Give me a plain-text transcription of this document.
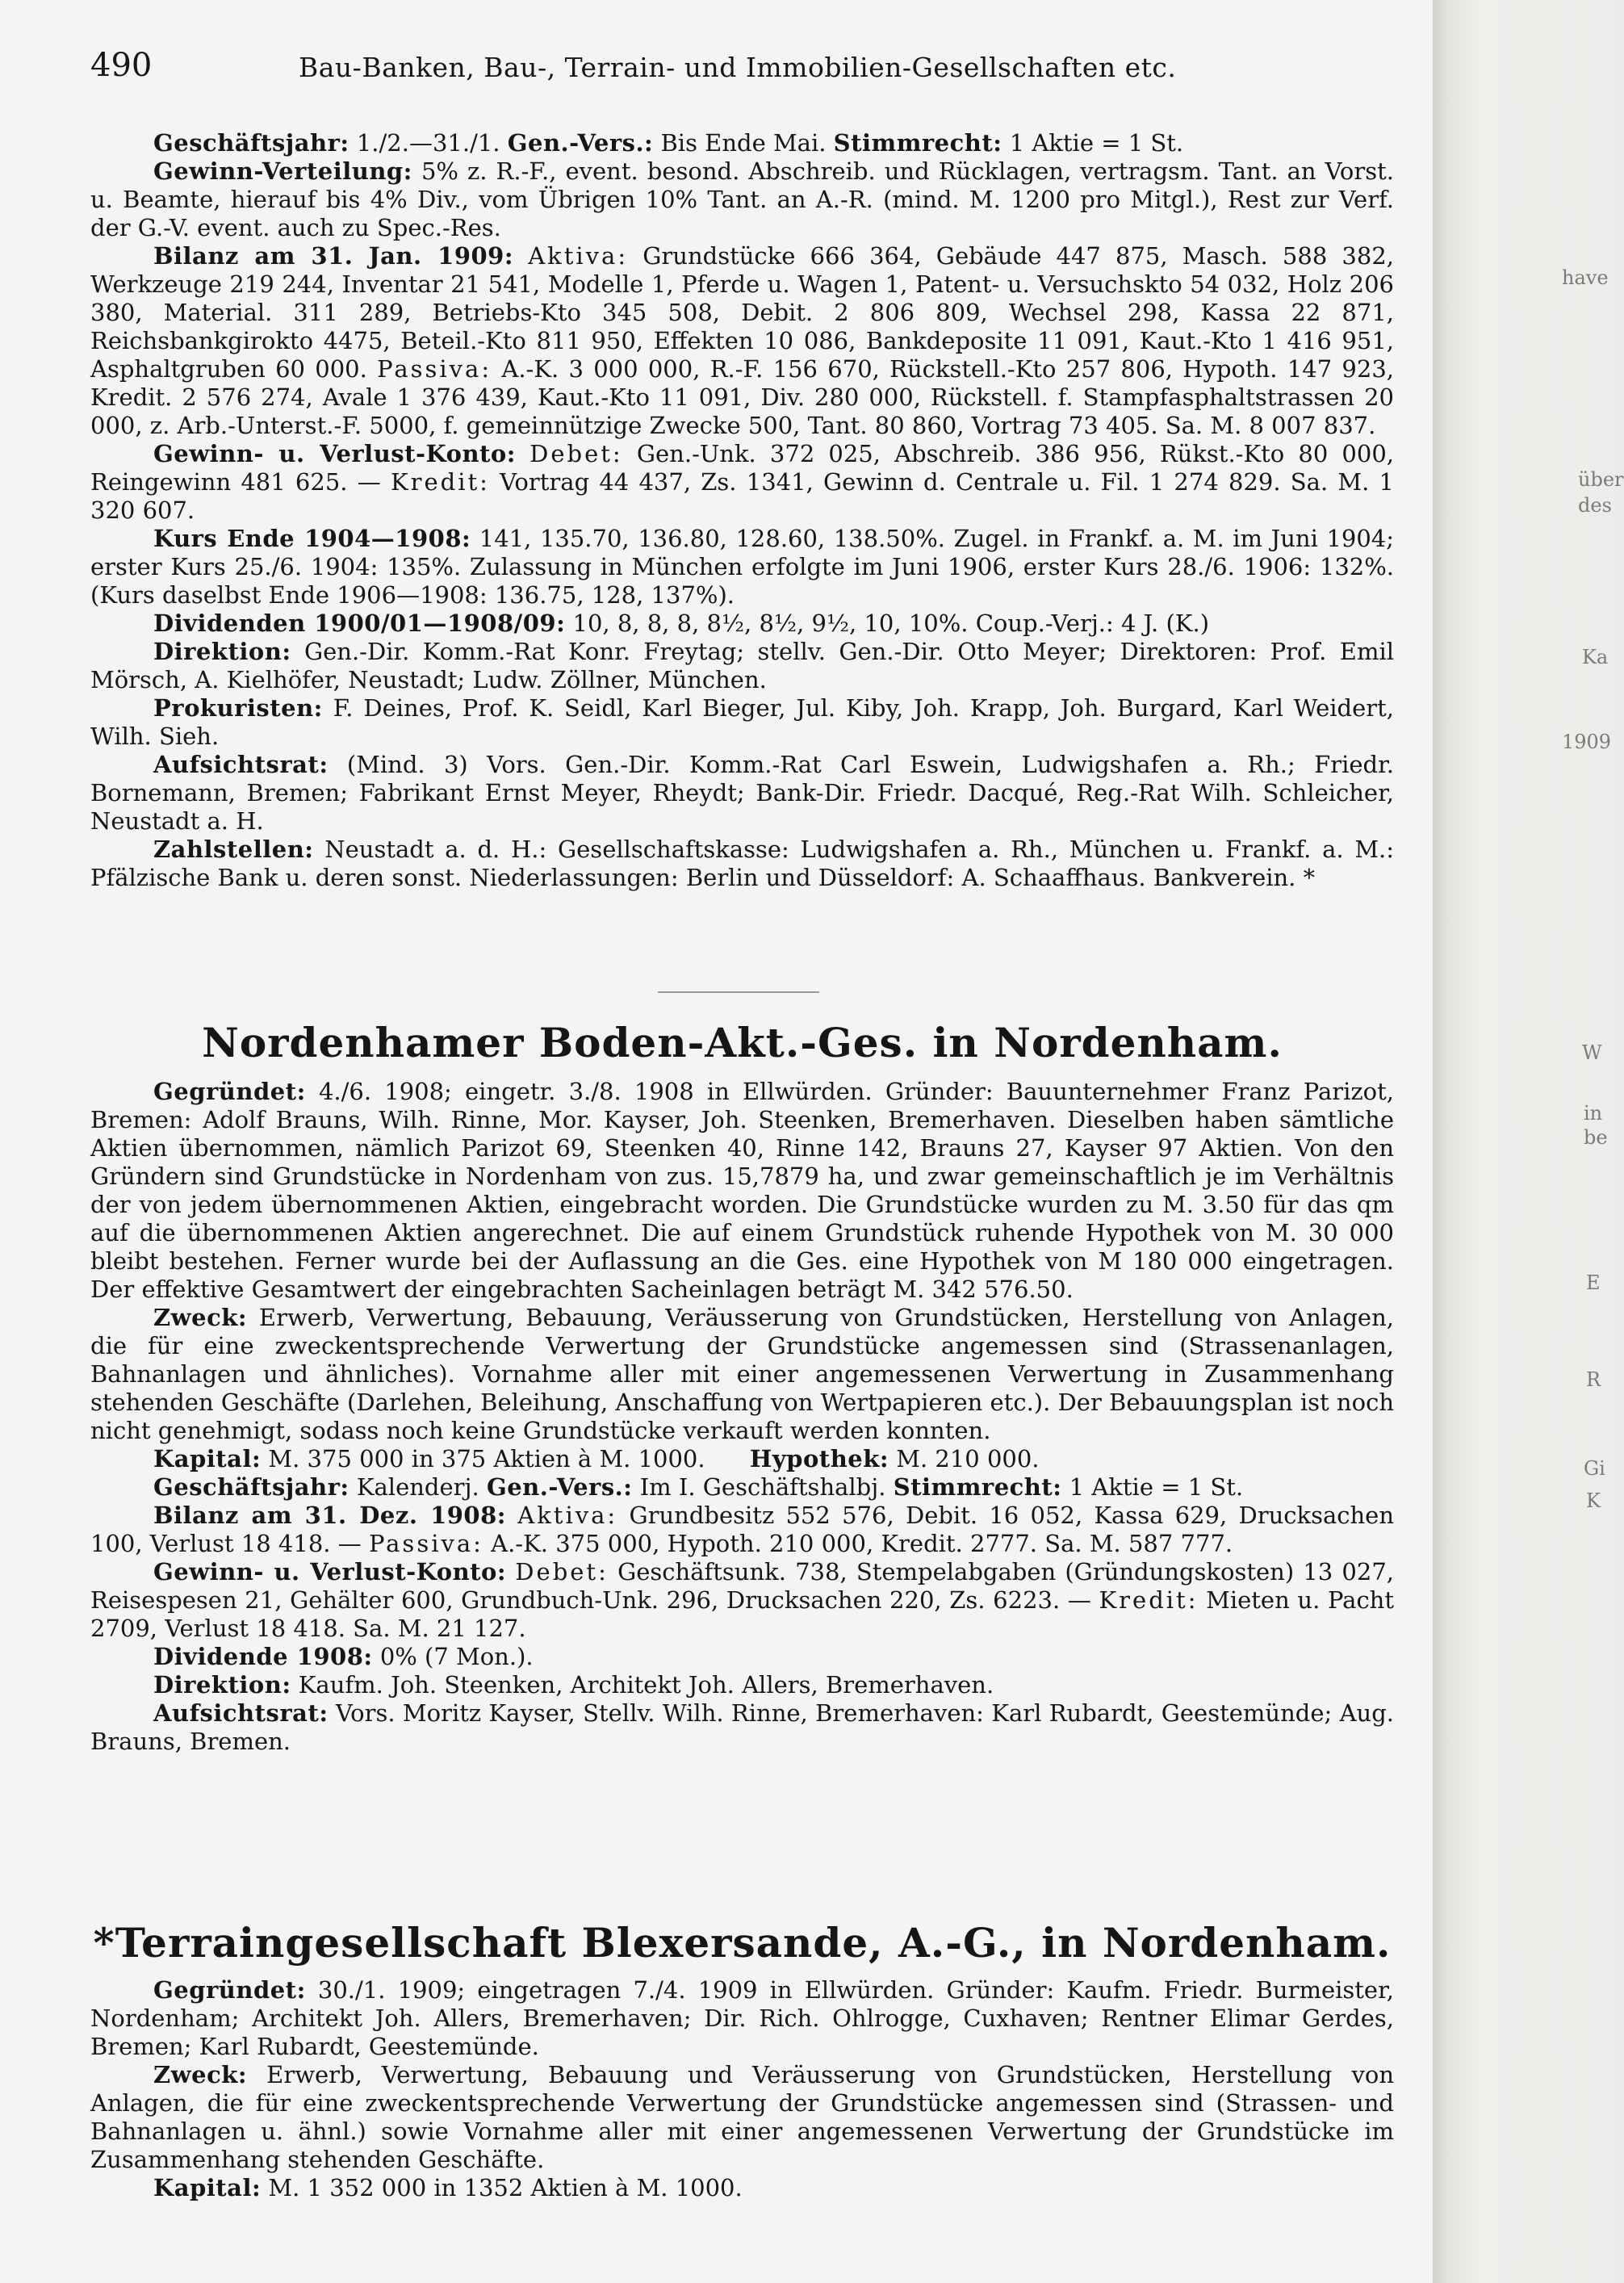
have
über
des
Ka
1909
W
in
be
E
R
Gi
K
490	Bau-Banken, Bau-, Terrain- und Immobilien-Gesellschaften etc.

Geschäftsjahr: 1./2.—31./1. Gen.-Vers.: Bis Ende Mai. Stimmrecht: 1 Aktie = 1 St.

Gewinn-Verteilung: 5% z. R.-F., event. besond. Abschreib. und Rücklagen, vertragsm. Tant. an Vorst. u. Beamte, hierauf bis 4% Div., vom Übrigen 10% Tant. an A.-R. (mind. M. 1200 pro Mitgl.), Rest zur Verf. der G.-V. event. auch zu Spec.-Res.

Bilanz am 31. Jan. 1909: Aktiva: Grundstücke 666 364, Gebäude 447 875, Masch. 588 382, Werkzeuge 219 244, Inventar 21 541, Modelle 1, Pferde u. Wagen 1, Patent- u. Versuchskto 54 032, Holz 206 380, Material. 311 289, Betriebs-Kto 345 508, Debit. 2 806 809, Wechsel 298, Kassa 22 871, Reichsbankgirokto 4475, Beteil.-Kto 811 950, Effekten 10 086, Bankdeposite 11 091, Kaut.-Kto 1 416 951, Asphaltgruben 60 000. Passiva: A.-K. 3 000 000, R.-F. 156 670, Rückstell.-Kto 257 806, Hypoth. 147 923, Kredit. 2 576 274, Avale 1 376 439, Kaut.-Kto 11 091, Div. 280 000, Rückstell. f. Stampfasphaltstrassen 20 000, z. Arb.-Unterst.-F. 5000, f. gemeinnützige Zwecke 500, Tant. 80 860, Vortrag 73 405. Sa. M. 8 007 837.

Gewinn- u. Verlust-Konto: Debet: Gen.-Unk. 372 025, Abschreib. 386 956, Rükst.-Kto 80 000, Reingewinn 481 625. — Kredit: Vortrag 44 437, Zs. 1341, Gewinn d. Centrale u. Fil. 1 274 829. Sa. M. 1 320 607.

Kurs Ende 1904—1908: 141, 135.70, 136.80, 128.60, 138.50%. Zugel. in Frankf. a. M. im Juni 1904; erster Kurs 25./6. 1904: 135%. Zulassung in München erfolgte im Juni 1906, erster Kurs 28./6. 1906: 132%. (Kurs daselbst Ende 1906—1908: 136.75, 128, 137%).

Dividenden 1900/01—1908/09: 10, 8, 8, 8, 8½, 8½, 9½, 10, 10%. Coup.-Verj.: 4 J. (K.)

Direktion: Gen.-Dir. Komm.-Rat Konr. Freytag; stellv. Gen.-Dir. Otto Meyer; Direktoren: Prof. Emil Mörsch, A. Kielhöfer, Neustadt; Ludw. Zöllner, München.

Prokuristen: F. Deines, Prof. K. Seidl, Karl Bieger, Jul. Kiby, Joh. Krapp, Joh. Burgard, Karl Weidert, Wilh. Sieh.

Aufsichtsrat: (Mind. 3) Vors. Gen.-Dir. Komm.-Rat Carl Eswein, Ludwigshafen a. Rh.; Friedr. Bornemann, Bremen; Fabrikant Ernst Meyer, Rheydt; Bank-Dir. Friedr. Dacqué, Reg.-Rat Wilh. Schleicher, Neustadt a. H.

Zahlstellen: Neustadt a. d. H.: Gesellschaftskasse: Ludwigshafen a. Rh., München u. Frankf. a. M.: Pfälzische Bank u. deren sonst. Niederlassungen: Berlin und Düsseldorf: A. Schaaffhaus. Bankverein. *

Nordenhamer Boden-Akt.-Ges. in Nordenham.

Gegründet: 4./6. 1908; eingetr. 3./8. 1908 in Ellwürden. Gründer: Bauunternehmer Franz Parizot, Bremen: Adolf Brauns, Wilh. Rinne, Mor. Kayser, Joh. Steenken, Bremerhaven. Dieselben haben sämtliche Aktien übernommen, nämlich Parizot 69, Steenken 40, Rinne 142, Brauns 27, Kayser 97 Aktien. Von den Gründern sind Grundstücke in Nordenham von zus. 15,7879 ha, und zwar gemeinschaftlich je im Verhältnis der von jedem übernommenen Aktien, eingebracht worden. Die Grundstücke wurden zu M. 3.50 für das qm auf die übernommenen Aktien angerechnet. Die auf einem Grundstück ruhende Hypothek von M. 30 000 bleibt bestehen. Ferner wurde bei der Auflassung an die Ges. eine Hypothek von M 180 000 eingetragen. Der effektive Gesamtwert der eingebrachten Sacheinlagen beträgt M. 342 576.50.

Zweck: Erwerb, Verwertung, Bebauung, Veräusserung von Grundstücken, Herstellung von Anlagen, die für eine zweckentsprechende Verwertung der Grundstücke angemessen sind (Strassenanlagen, Bahnanlagen und ähnliches). Vornahme aller mit einer angemessenen Verwertung in Zusammenhang stehenden Geschäfte (Darlehen, Beleihung, Anschaffung von Wertpapieren etc.). Der Bebauungsplan ist noch nicht genehmigt, sodass noch keine Grundstücke verkauft werden konnten.

Kapital: M. 375 000 in 375 Aktien à M. 1000. Hypothek: M. 210 000.

Geschäftsjahr: Kalenderj. Gen.-Vers.: Im I. Geschäftshalbj. Stimmrecht: 1 Aktie = 1 St.

Bilanz am 31. Dez. 1908: Aktiva: Grundbesitz 552 576, Debit. 16 052, Kassa 629, Drucksachen 100, Verlust 18 418. — Passiva: A.-K. 375 000, Hypoth. 210 000, Kredit. 2777. Sa. M. 587 777.

Gewinn- u. Verlust-Konto: Debet: Geschäftsunk. 738, Stempelabgaben (Gründungskosten) 13 027, Reisespesen 21, Gehälter 600, Grundbuch-Unk. 296, Drucksachen 220, Zs. 6223. — Kredit: Mieten u. Pacht 2709, Verlust 18 418. Sa. M. 21 127.

Dividende 1908: 0% (7 Mon.).

Direktion: Kaufm. Joh. Steenken, Architekt Joh. Allers, Bremerhaven.

Aufsichtsrat: Vors. Moritz Kayser, Stellv. Wilh. Rinne, Bremerhaven: Karl Rubardt, Geestemünde; Aug. Brauns, Bremen.

*Terraingesellschaft Blexersande, A.-G., in Nordenham.

Gegründet: 30./1. 1909; eingetragen 7./4. 1909 in Ellwürden. Gründer: Kaufm. Friedr. Burmeister, Nordenham; Architekt Joh. Allers, Bremerhaven; Dir. Rich. Ohlrogge, Cuxhaven; Rentner Elimar Gerdes, Bremen; Karl Rubardt, Geestemünde.

Zweck: Erwerb, Verwertung, Bebauung und Veräusserung von Grundstücken, Herstellung von Anlagen, die für eine zweckentsprechende Verwertung der Grundstücke angemessen sind (Strassen- und Bahnanlagen u. ähnl.) sowie Vornahme aller mit einer angemessenen Verwertung der Grundstücke im Zusammenhang stehenden Geschäfte.

Kapital: M. 1 352 000 in 1352 Aktien à M. 1000.
